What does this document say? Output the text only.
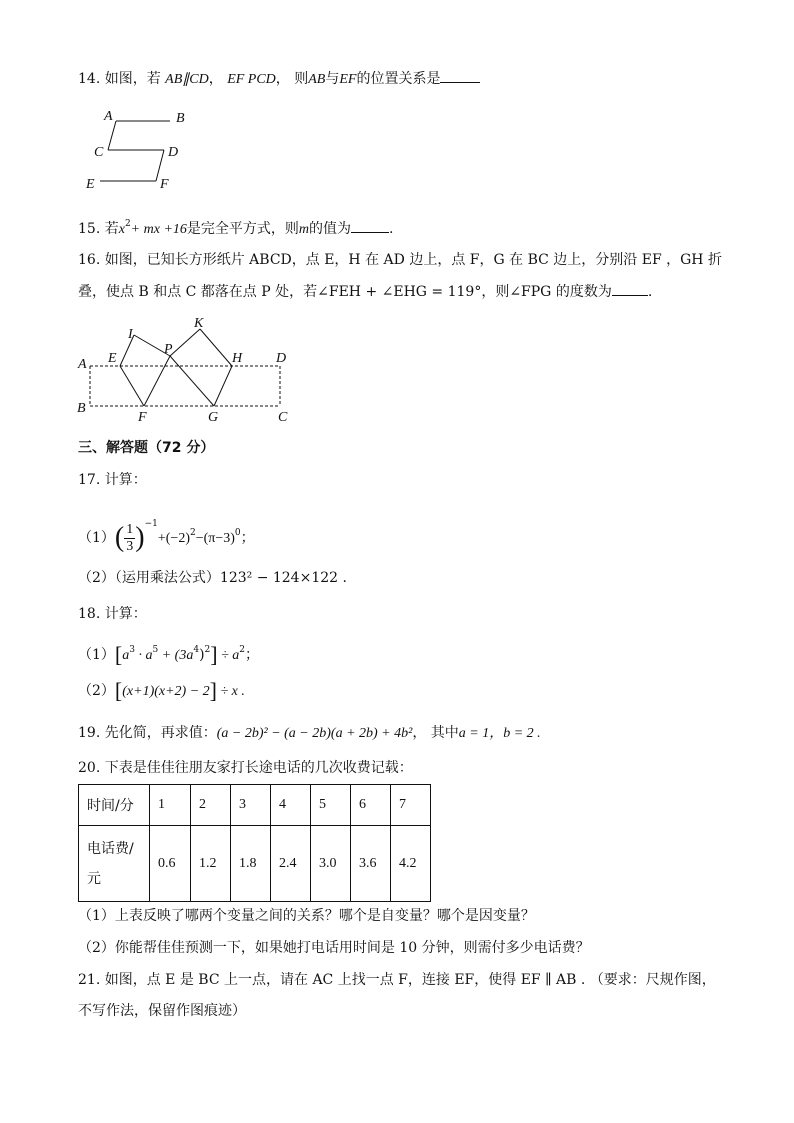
14. 如图，若 AB∥CD， EF PCD， 则AB与EF的位置关系是
A	B
C	D
E	F
15. 若$x^2+$ mx +16是完全平方式，则m的值为	.
16. 如图，已知长方形纸片 ABCD，点 E，H 在 AD 边上，点 F，G 在 BC 边上，分别沿 EF ，GH 折
叠，使点 B 和点 C 都落在点 P 处，若∠FEH + ∠EHG = 119°，则∠FPG 的度数为	.
I
K
A E
P
H D
B
F	G	C
三、解答题（72 分）
17. 计算：
$(1)( \frac{1}{3} )^{-1}+(-2)^2-(\pi-3)^0$；
（2）（运用乘法公式）123² − 124×122 .
18. 计算：
$(1)[a^3 \cdot a^5 + (3a^4)^2] \div a^2$；
（2）[(x+1)(x+2) − 2] ÷ x .
19. 先化简，再求值：(a − 2b)² − (a − 2b)(a + 2b) + 4b²， 其中a = 1，b = 2 .
20. 下表是佳佳往朋友家打长途电话的几次收费记载：
时间/分	1	2	3	4	5	6	7

电话费/
元	0.6	1.2	1.8	2.4	3.0	3.6	4.2
（1）上表反映了哪两个变量之间的关系？哪个是自变量？哪个是因变量？
（2）你能帮佳佳预测一下，如果她打电话用时间是 10 分钟，则需付多少电话费？
21. 如图，点 E 是 BC 上一点，请在 AC 上找一点 F，连接 EF，使得 EF ∥ AB . （要求：尺规作图，
不写作法，保留作图痕迹）
